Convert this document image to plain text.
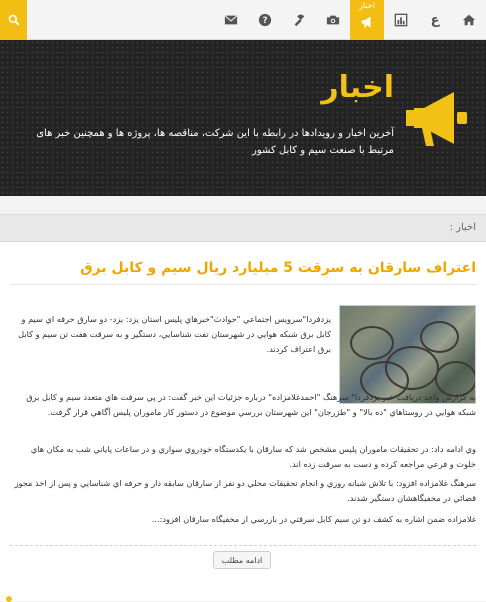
ع
اخبار
?
اخبار
آخرین اخبار و رویدادها در رابطه با این شرکت، مناقصه ها، پروژه ها و همچنین خبر های مرتبط با صنعت سیم و کابل کشور
اخبار :
اعتراف سارقان به سرقت 5 میلیارد ریال سیم و کابل برق
يزدفردا"سرويس اجتماعي "حوادث"خبرهاي پليس استان يزد: يزد- دو سارق حرفه اي سيم و كابل برق شبكه هوايي در شهرستان تفت شناسايي، دستگير و به سرقت هفت تن سيم و كابل برق اعتراف كردند.
به گزارش واحد دريافت خبر يزدفردا" سرهنگ "احمدغلامزاده" درباره جزئيات اين خبر گفت: در پي سرقت هاي متعدد سيم و كابل برق شبكه هوايي در روستاهاي "ده بالا" و "طزرجان" اين شهرستان بررسي موضوع در دستور كار ماموران پليس آگاهي قرار گرفت.
وي ادامه داد: در تحقيقات ماموران پليس مشخص شد كه سارقان با يكدستگاه خودروي سواري و در ساعات پاياني شب به مكان هاي خلوت و فرعي مراجعه كرده و دست به سرقت زده اند.
سرهنگ غلامزاده افزود: با تلاش شبانه روزي و انجام تحقيقات محلي دو نفر از سارقان سابقه دار و حرفه اي شناسايي و پس از اخذ مجوز قضائي در مخفيگاهشان دستگير شدند.
غلامزاده ضمن اشاره به كشف دو تن سيم كابل سرقتي در بازرسي از مخفيگاه سارقان افزود:...
ادامه مطلب
